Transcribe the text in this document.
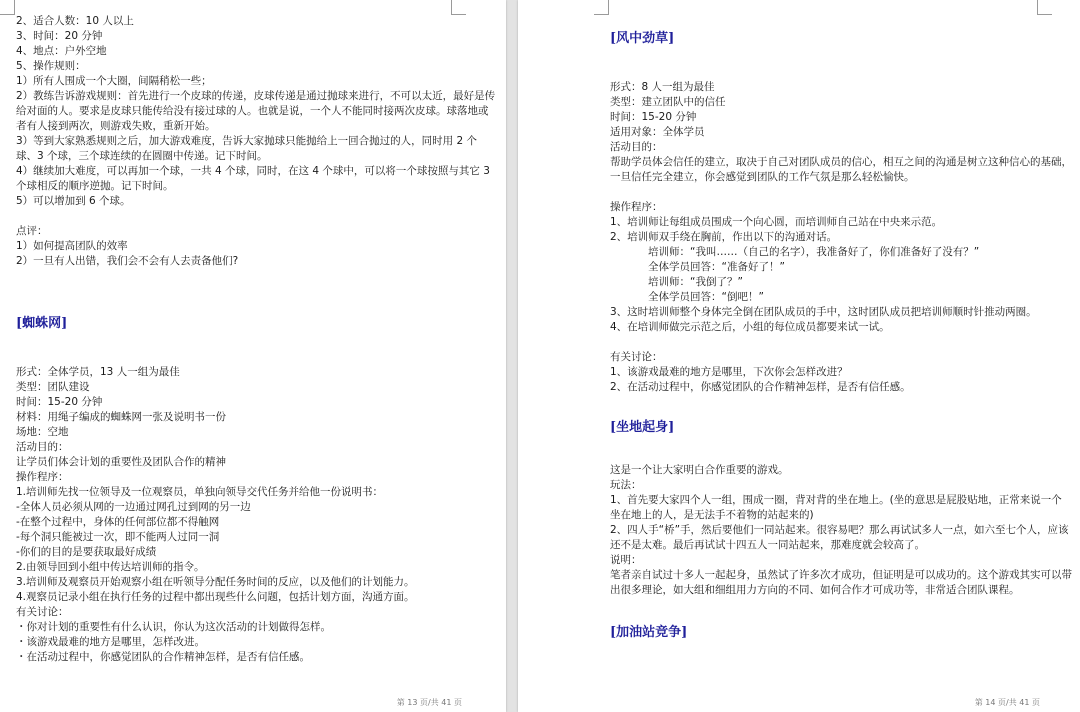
2、适合人数：10 人以上
3、时间：20 分钟
4、地点：户外空地
5、操作规则：
1）所有人围成一个大圈，间隔稍松一些；
2）教练告诉游戏规则：首先进行一个皮球的传递，皮球传递是通过抛球来进行，不可以太近，最好是传给对面的人。要求是皮球只能传给没有接过球的人。也就是说，一个人不能同时接两次皮球。球落地或者有人接到两次，则游戏失败，重新开始。
3）等到大家熟悉规则之后，加大游戏难度，告诉大家抛球只能抛给上一回合抛过的人，同时用 2 个球、3 个球，三个球连续的在圆圈中传递。记下时间。
4）继续加大难度，可以再加一个球，一共 4 个球，同时，在这 4 个球中，可以将一个球按照与其它 3 个球相反的顺序逆抛。记下时间。
5）可以增加到 6 个球。
点评：
1）如何提高团队的效率
2）一旦有人出错，我们会不会有人去责备他们?
[蜘蛛网]
形式：全体学员，13 人一组为最佳
类型：团队建设
时间：15-20 分钟
材料：用绳子编成的蜘蛛网一张及说明书一份
场地：空地
活动目的：
让学员们体会计划的重要性及团队合作的精神
操作程序：
1.培训师先找一位领导及一位观察员，单独向领导交代任务并给他一份说明书：
-全体人员必须从网的一边通过网孔过到网的另一边
-在整个过程中，身体的任何部位都不得触网
-每个洞只能被过一次，即不能两人过同一洞
-你们的目的是要获取最好成绩
2.由领导回到小组中传达培训师的指令。
3.培训师及观察员开始观察小组在听领导分配任务时间的反应，以及他们的计划能力。
4.观察员记录小组在执行任务的过程中都出现些什么问题，包括计划方面，沟通方面。
有关讨论：
・你对计划的重要性有什么认识，你认为这次活动的计划做得怎样。
・该游戏最难的地方是哪里，怎样改进。
・在活动过程中，你感觉团队的合作精神怎样，是否有信任感。
第 13 页/共 41 页
[风中劲草]
形式：8 人一组为最佳
类型：建立团队中的信任
时间：15-20 分钟
适用对象：全体学员
活动目的：
帮助学员体会信任的建立，取决于自己对团队成员的信心，相互之间的沟通是树立这种信心的基础，一旦信任完全建立，你会感觉到团队的工作气氛是那么轻松愉快。
操作程序：
1、培训师让每组成员围成一个向心圆，而培训师自己站在中央来示范。
2、培训师双手绕在胸前，作出以下的沟通对话。
培训师：“我叫……（自己的名字），我准备好了，你们准备好了没有？”
全体学员回答：“准备好了！”
培训师：“我倒了？”
全体学员回答：“倒吧！”
3、这时培训师整个身体完全倒在团队成员的手中，这时团队成员把培训师顺时针推动两圈。
4、在培训师做完示范之后，小组的每位成员都要来试一试。
有关讨论：
1、该游戏最难的地方是哪里，下次你会怎样改进？
2、在活动过程中，你感觉团队的合作精神怎样，是否有信任感。
[坐地起身]
这是一个让大家明白合作重要的游戏。
玩法：
1、首先要大家四个人一组，围成一圈，背对背的坐在地上。(坐的意思是屁股贴地，正常来说一个坐在地上的人，是无法手不着物的站起来的)
2、四人手“桥”手，然后要他们一同站起来。很容易吧？那么再试试多人一点，如六至七个人，应该还不是太难。最后再试试十四五人一同站起来，那难度就会较高了。
说明：
笔者亲自试过十多人一起起身，虽然试了许多次才成功，但证明是可以成功的。这个游戏其实可以带出很多理论，如大组和细组用力方向的不同、如何合作才可成功等，非常适合团队课程。
[加油站竞争]
第 14 页/共 41 页
